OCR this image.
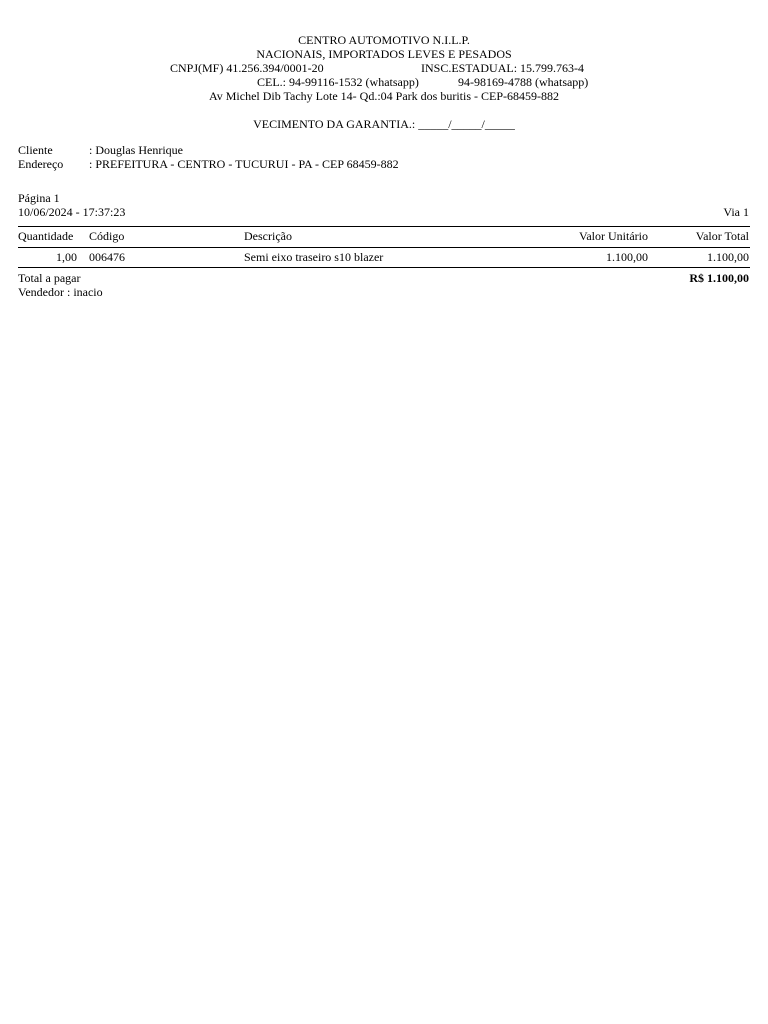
CENTRO AUTOMOTIVO N.I.L.P.
NACIONAIS, IMPORTADOS LEVES E PESADOS
CNPJ(MF) 41.256.394/0001-20	INSC.ESTADUAL: 15.799.763-4
CEL.: 94-99116-1532 (whatsapp)	94-98169-4788 (whatsapp)
Av Michel Dib Tachy Lote 14- Qd.:04 Park dos buritis - CEP-68459-882
VECIMENTO DA GARANTIA.: _____/_____/_____
Cliente	: Douglas Henrique
Endereço : PREFEITURA - CENTRO - TUCURUI - PA - CEP 68459-882
Página 1
10/06/2024 - 17:37:23	Via 1
Quantidade Código	Descrição	Valor Unitário	Valor Total
1,00 006476	Semi eixo traseiro s10 blazer	1.100,00	1.100,00
Total a pagar	R$ 1.100,00
Vendedor : inacio
